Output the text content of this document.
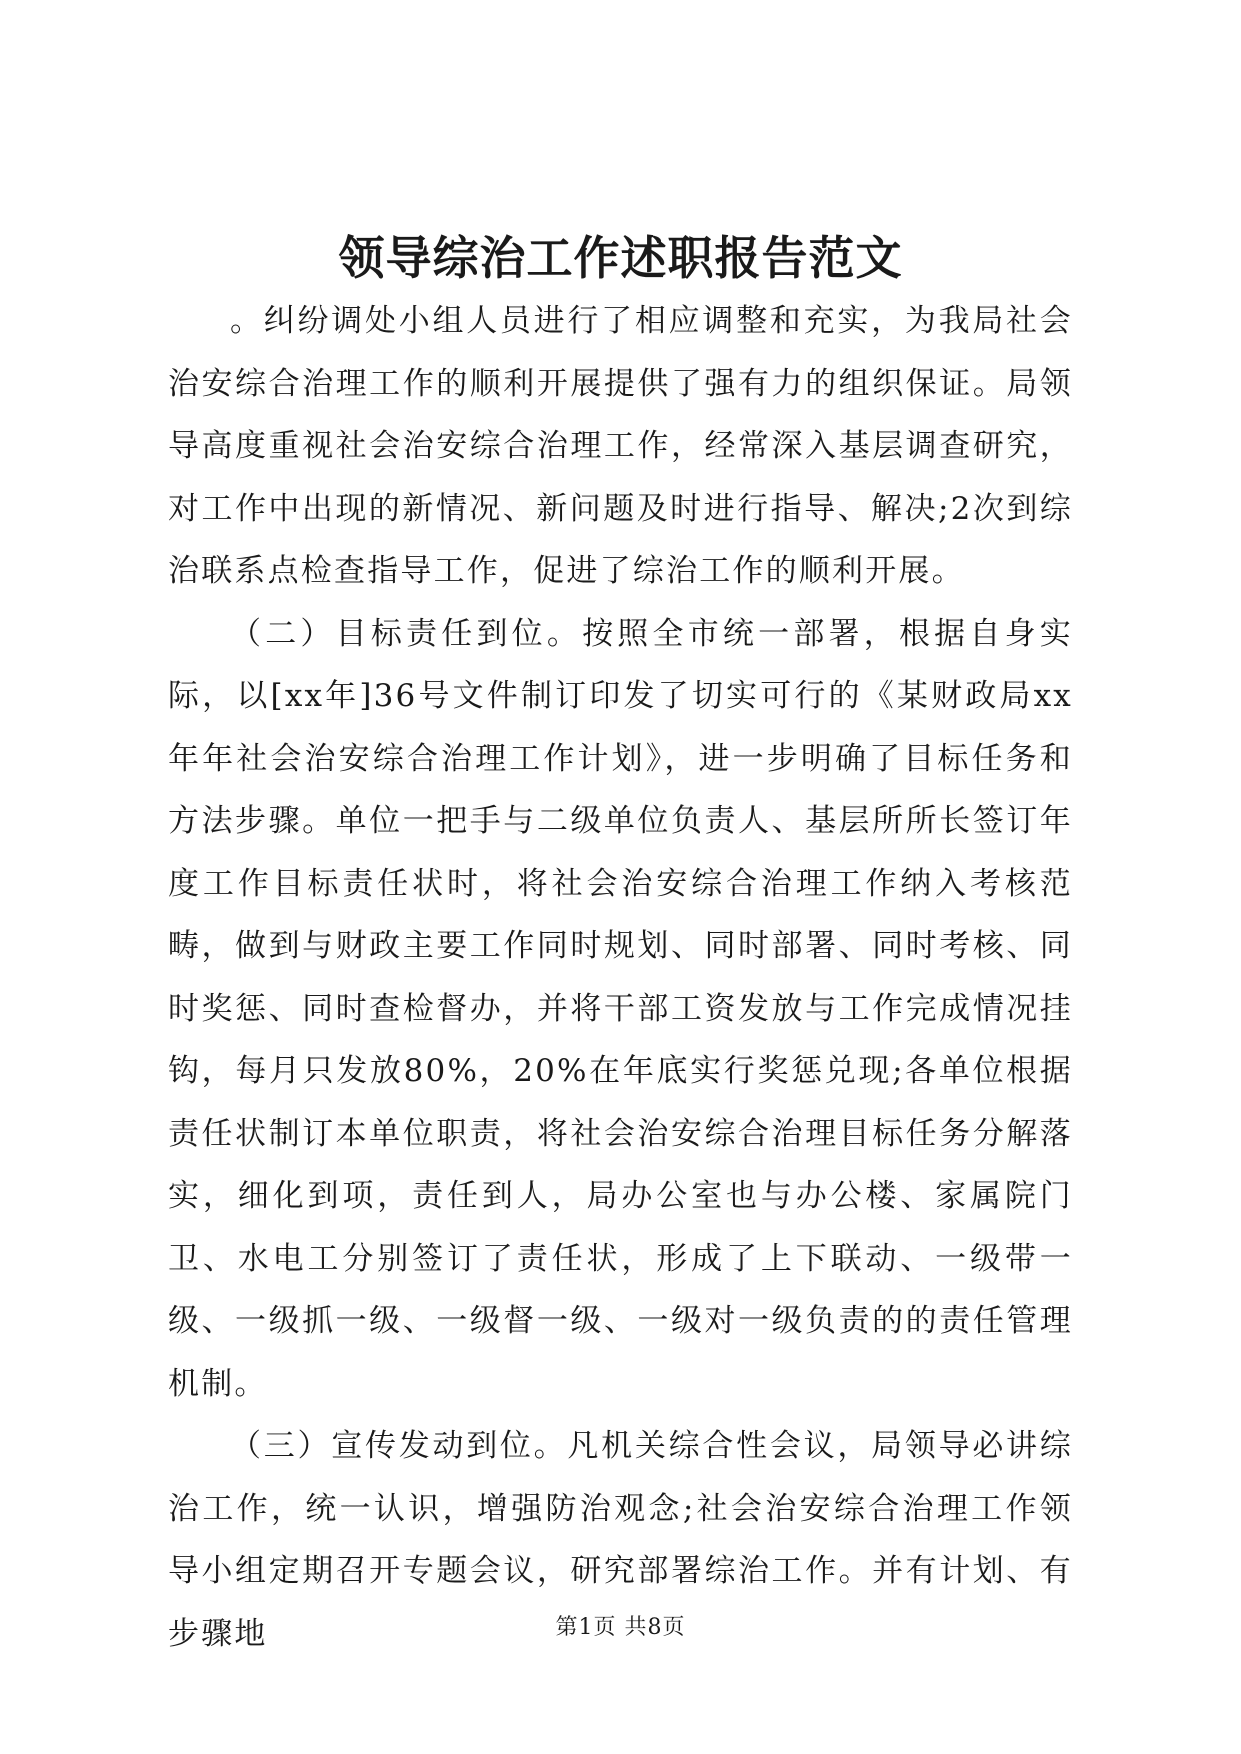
领导综治工作述职报告范文

。纠纷调处小组人员进行了相应调整和充实，为我局社会治安综合治理工作的顺利开展提供了强有力的组织保证。局领导高度重视社会治安综合治理工作，经常深入基层调查研究，对工作中出现的新情况、新问题及时进行指导、解决;2次到综治联系点检查指导工作，促进了综治工作的顺利开展。

（二）目标责任到位。按照全市统一部署，根据自身实际，以[xx年]36号文件制订印发了切实可行的《某财政局xx年年社会治安综合治理工作计划》，进一步明确了目标任务和方法步骤。单位一把手与二级单位负责人、基层所所长签订年度工作目标责任状时，将社会治安综合治理工作纳入考核范畴，做到与财政主要工作同时规划、同时部署、同时考核、同时奖惩、同时查检督办，并将干部工资发放与工作完成情况挂钩，每月只发放80%，20%在年底实行奖惩兑现;各单位根据责任状制订本单位职责，将社会治安综合治理目标任务分解落实，细化到项，责任到人，局办公室也与办公楼、家属院门卫、水电工分别签订了责任状，形成了上下联动、一级带一级、一级抓一级、一级督一级、一级对一级负责的的责任管理机制。

（三）宣传发动到位。凡机关综合性会议，局领导必讲综治工作，统一认识，增强防治观念;社会治安综合治理工作领导小组定期召开专题会议，研究部署综治工作。并有计划、有步骤地	第1页 共8页
